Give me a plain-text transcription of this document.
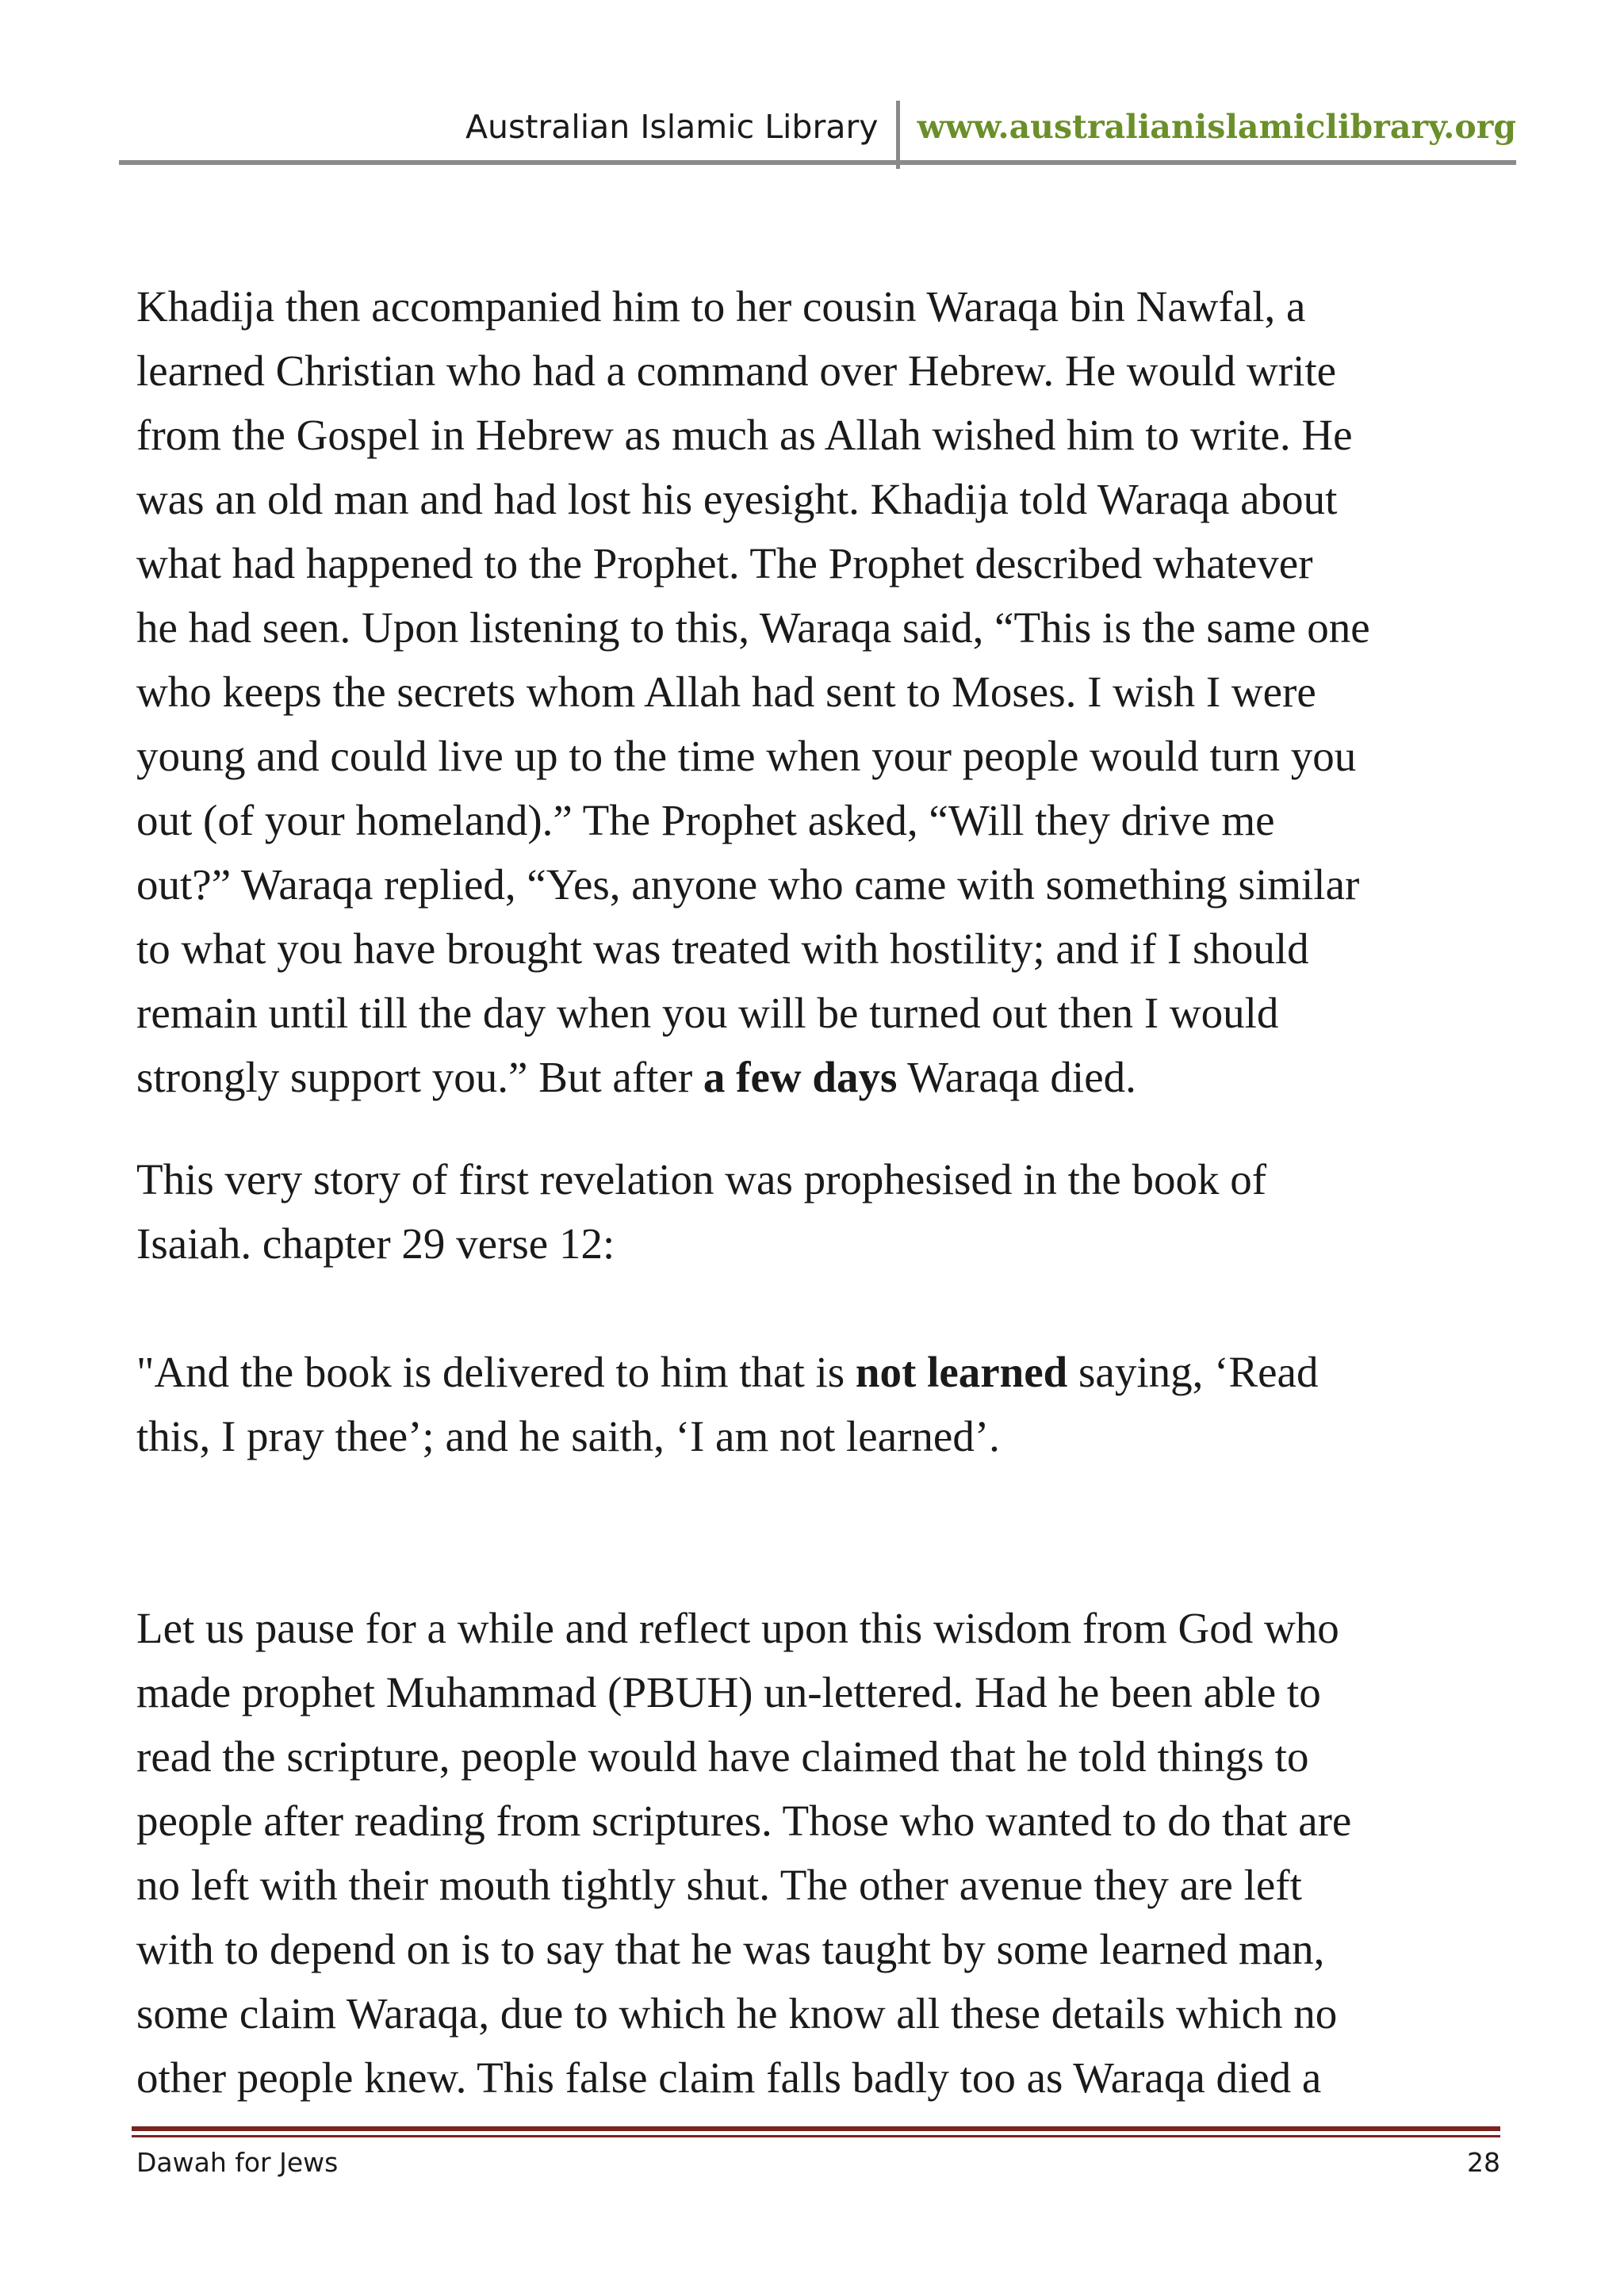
Australian Islamic Library	www.australianislamiclibrary.org

Khadija then accompanied him to her cousin Waraqa bin Nawfal, a
learned Christian who had a command over Hebrew. He would write
from the Gospel in Hebrew as much as Allah wished him to write. He
was an old man and had lost his eyesight. Khadija told Waraqa about
what had happened to the Prophet. The Prophet described whatever
he had seen. Upon listening to this, Waraqa said, “This is the same one
who keeps the secrets whom Allah had sent to Moses. I wish I were
young and could live up to the time when your people would turn you
out (of your homeland).” The Prophet asked, “Will they drive me
out?” Waraqa replied, “Yes, anyone who came with something similar
to what you have brought was treated with hostility; and if I should
remain until till the day when you will be turned out then I would
strongly support you.” But after a few days Waraqa died.

This very story of first revelation was prophesised in the book of
Isaiah. chapter 29 verse 12:

"And the book is delivered to him that is not learned saying, ‘Read
this, I pray thee’; and he saith, ‘I am not learned’.

Let us pause for a while and reflect upon this wisdom from God who
made prophet Muhammad (PBUH) un-lettered. Had he been able to
read the scripture, people would have claimed that he told things to
people after reading from scriptures. Those who wanted to do that are
no left with their mouth tightly shut. The other avenue they are left
with to depend on is to say that he was taught by some learned man,
some claim Waraqa, due to which he know all these details which no
other people knew. This false claim falls badly too as Waraqa died a

Dawah for Jews	28
